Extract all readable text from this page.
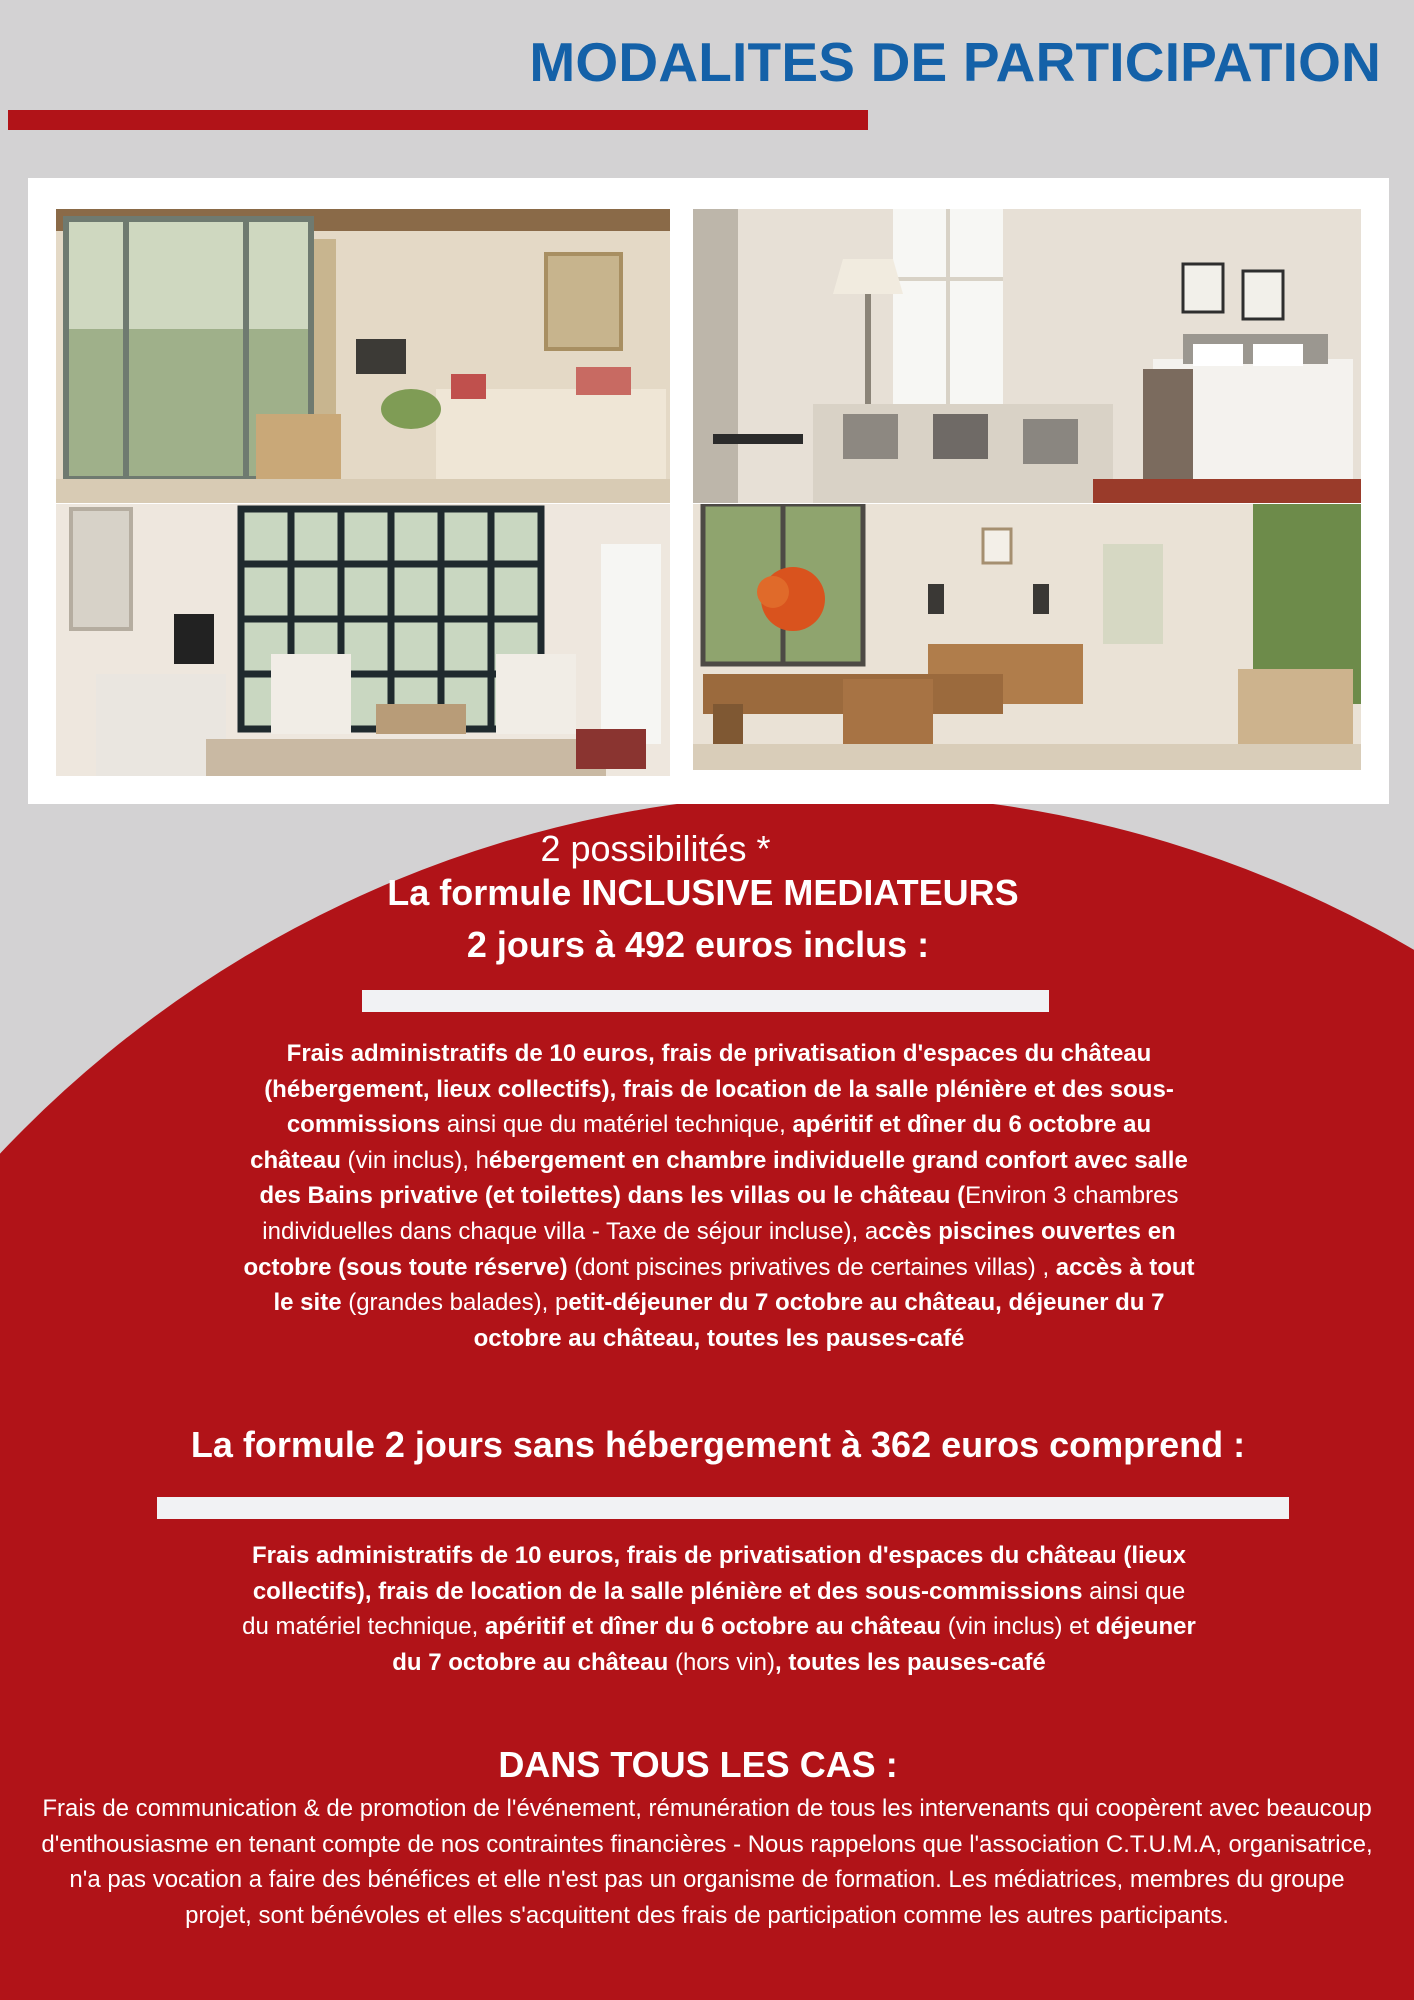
MODALITES DE PARTICIPATION

2 possibilités *

La formule INCLUSIVE MEDIATEURS

2 jours à 492 euros inclus :

Frais administratifs de 10 euros, frais de privatisation d'espaces du château (hébergement, lieux collectifs), frais de location de la salle plénière et des sous-commissions ainsi que du matériel technique, apéritif et dîner du 6 octobre au château (vin inclus), hébergement en chambre individuelle grand confort avec salle des Bains privative (et toilettes) dans les villas ou le château (Environ 3 chambres individuelles dans chaque villa - Taxe de séjour incluse), accès piscines ouvertes en octobre (sous toute réserve) (dont piscines privatives de certaines villas) , accès à tout le site (grandes balades), petit-déjeuner du 7 octobre au château, déjeuner du 7 octobre au château, toutes les pauses-café

La formule 2 jours sans hébergement à 362 euros comprend :

Frais administratifs de 10 euros, frais de privatisation d'espaces du château (lieux collectifs), frais de location de la salle plénière et des sous-commissions ainsi que du matériel technique, apéritif et dîner du 6 octobre au château (vin inclus) et déjeuner du 7 octobre au château (hors vin), toutes les pauses-café

DANS TOUS LES CAS :

Frais de communication & de promotion de l'événement, rémunération de tous les intervenants qui coopèrent avec beaucoup d'enthousiasme en tenant compte de nos contraintes financières - Nous rappelons que l'association C.T.U.M.A, organisatrice, n'a pas vocation a faire des bénéfices et elle n'est pas un organisme de formation. Les médiatrices, membres du groupe projet, sont bénévoles et elles s'acquittent des frais de participation comme les autres participants.
